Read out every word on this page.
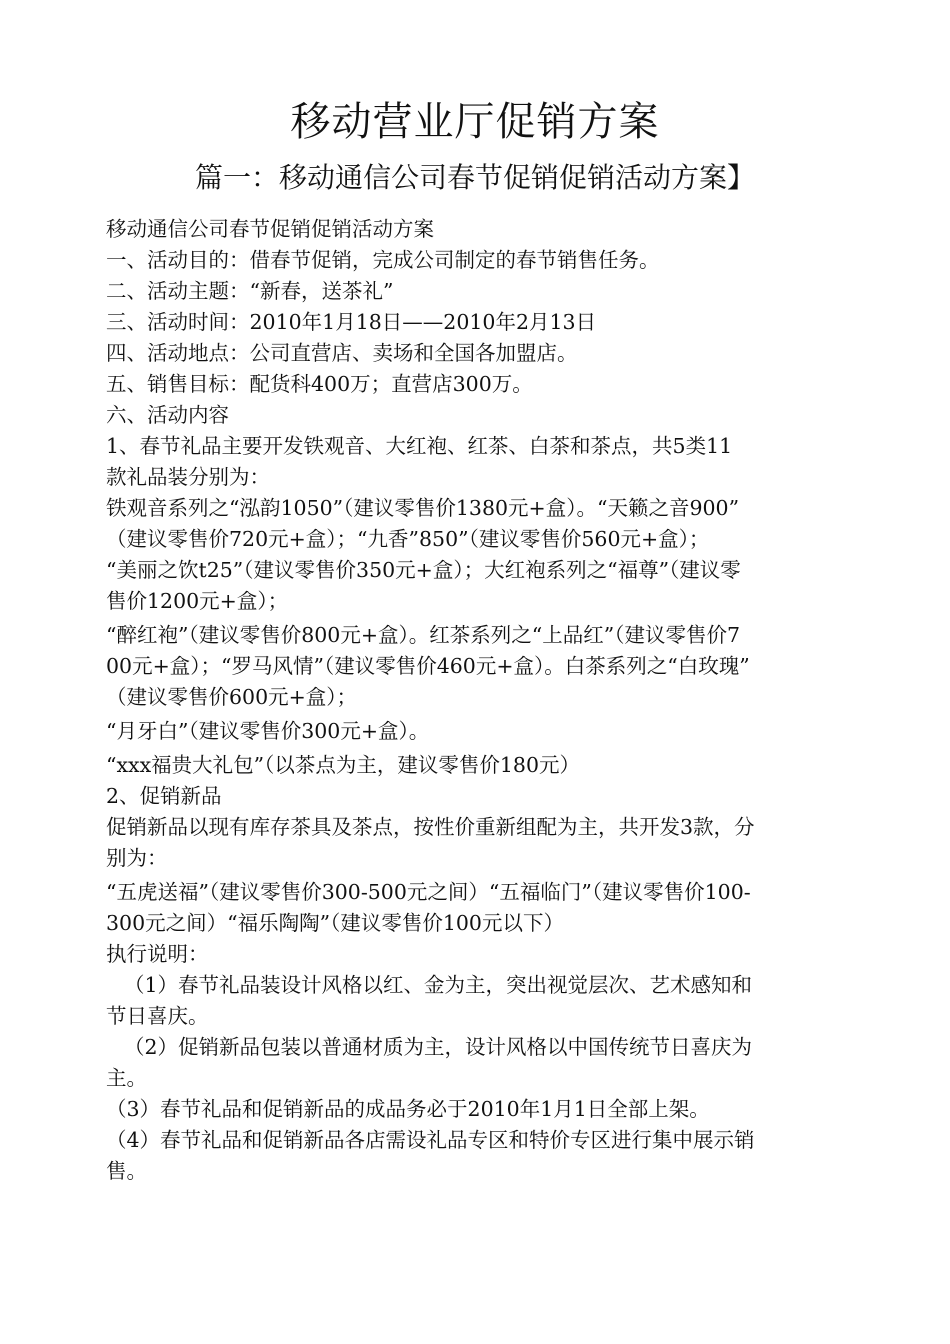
移动营业厅促销方案
篇一：移动通信公司春节促销促销活动方案】
移动通信公司春节促销促销活动方案
一、活动目的：借春节促销，完成公司制定的春节销售任务。
二、活动主题：“新春，送茶礼”
三、活动时间：2010年1月18日——2010年2月13日
四、活动地点：公司直营店、卖场和全国各加盟店。
五、销售目标：配货科400万；直营店300万。
六、活动内容
1、春节礼品主要开发铁观音、大红袍、红茶、白茶和茶点，共5类11
款礼品装分别为：
铁观音系列之“泓韵1050”（建议零售价1380元+盒）。“天籁之音900”
（建议零售价720元+盒）；“九香”850”（建议零售价560元+盒）；
“美丽之饮t25”（建议零售价350元+盒）；大红袍系列之“福尊”（建议零
售价1200元+盒）；
“醉红袍”（建议零售价800元+盒）。红茶系列之“上品红”（建议零售价7
00元+盒）；“罗马风情”（建议零售价460元+盒）。白茶系列之“白玫瑰”
（建议零售价600元+盒）；
“月牙白”（建议零售价300元+盒）。
“xxx福贵大礼包”（以茶点为主，建议零售价180元）
2、促销新品
促销新品以现有库存茶具及茶点，按性价重新组配为主，共开发3款，分
别为：
“五虎送福”（建议零售价300-500元之间）“五福临门”（建议零售价100-
300元之间）“福乐陶陶”（建议零售价100元以下）
执行说明：
（1）春节礼品装设计风格以红、金为主，突出视觉层次、艺术感知和
节日喜庆。
（2）促销新品包装以普通材质为主，设计风格以中国传统节日喜庆为
主。
（3）春节礼品和促销新品的成品务必于2010年1月1日全部上架。
（4）春节礼品和促销新品各店需设礼品专区和特价专区进行集中展示销
售。
